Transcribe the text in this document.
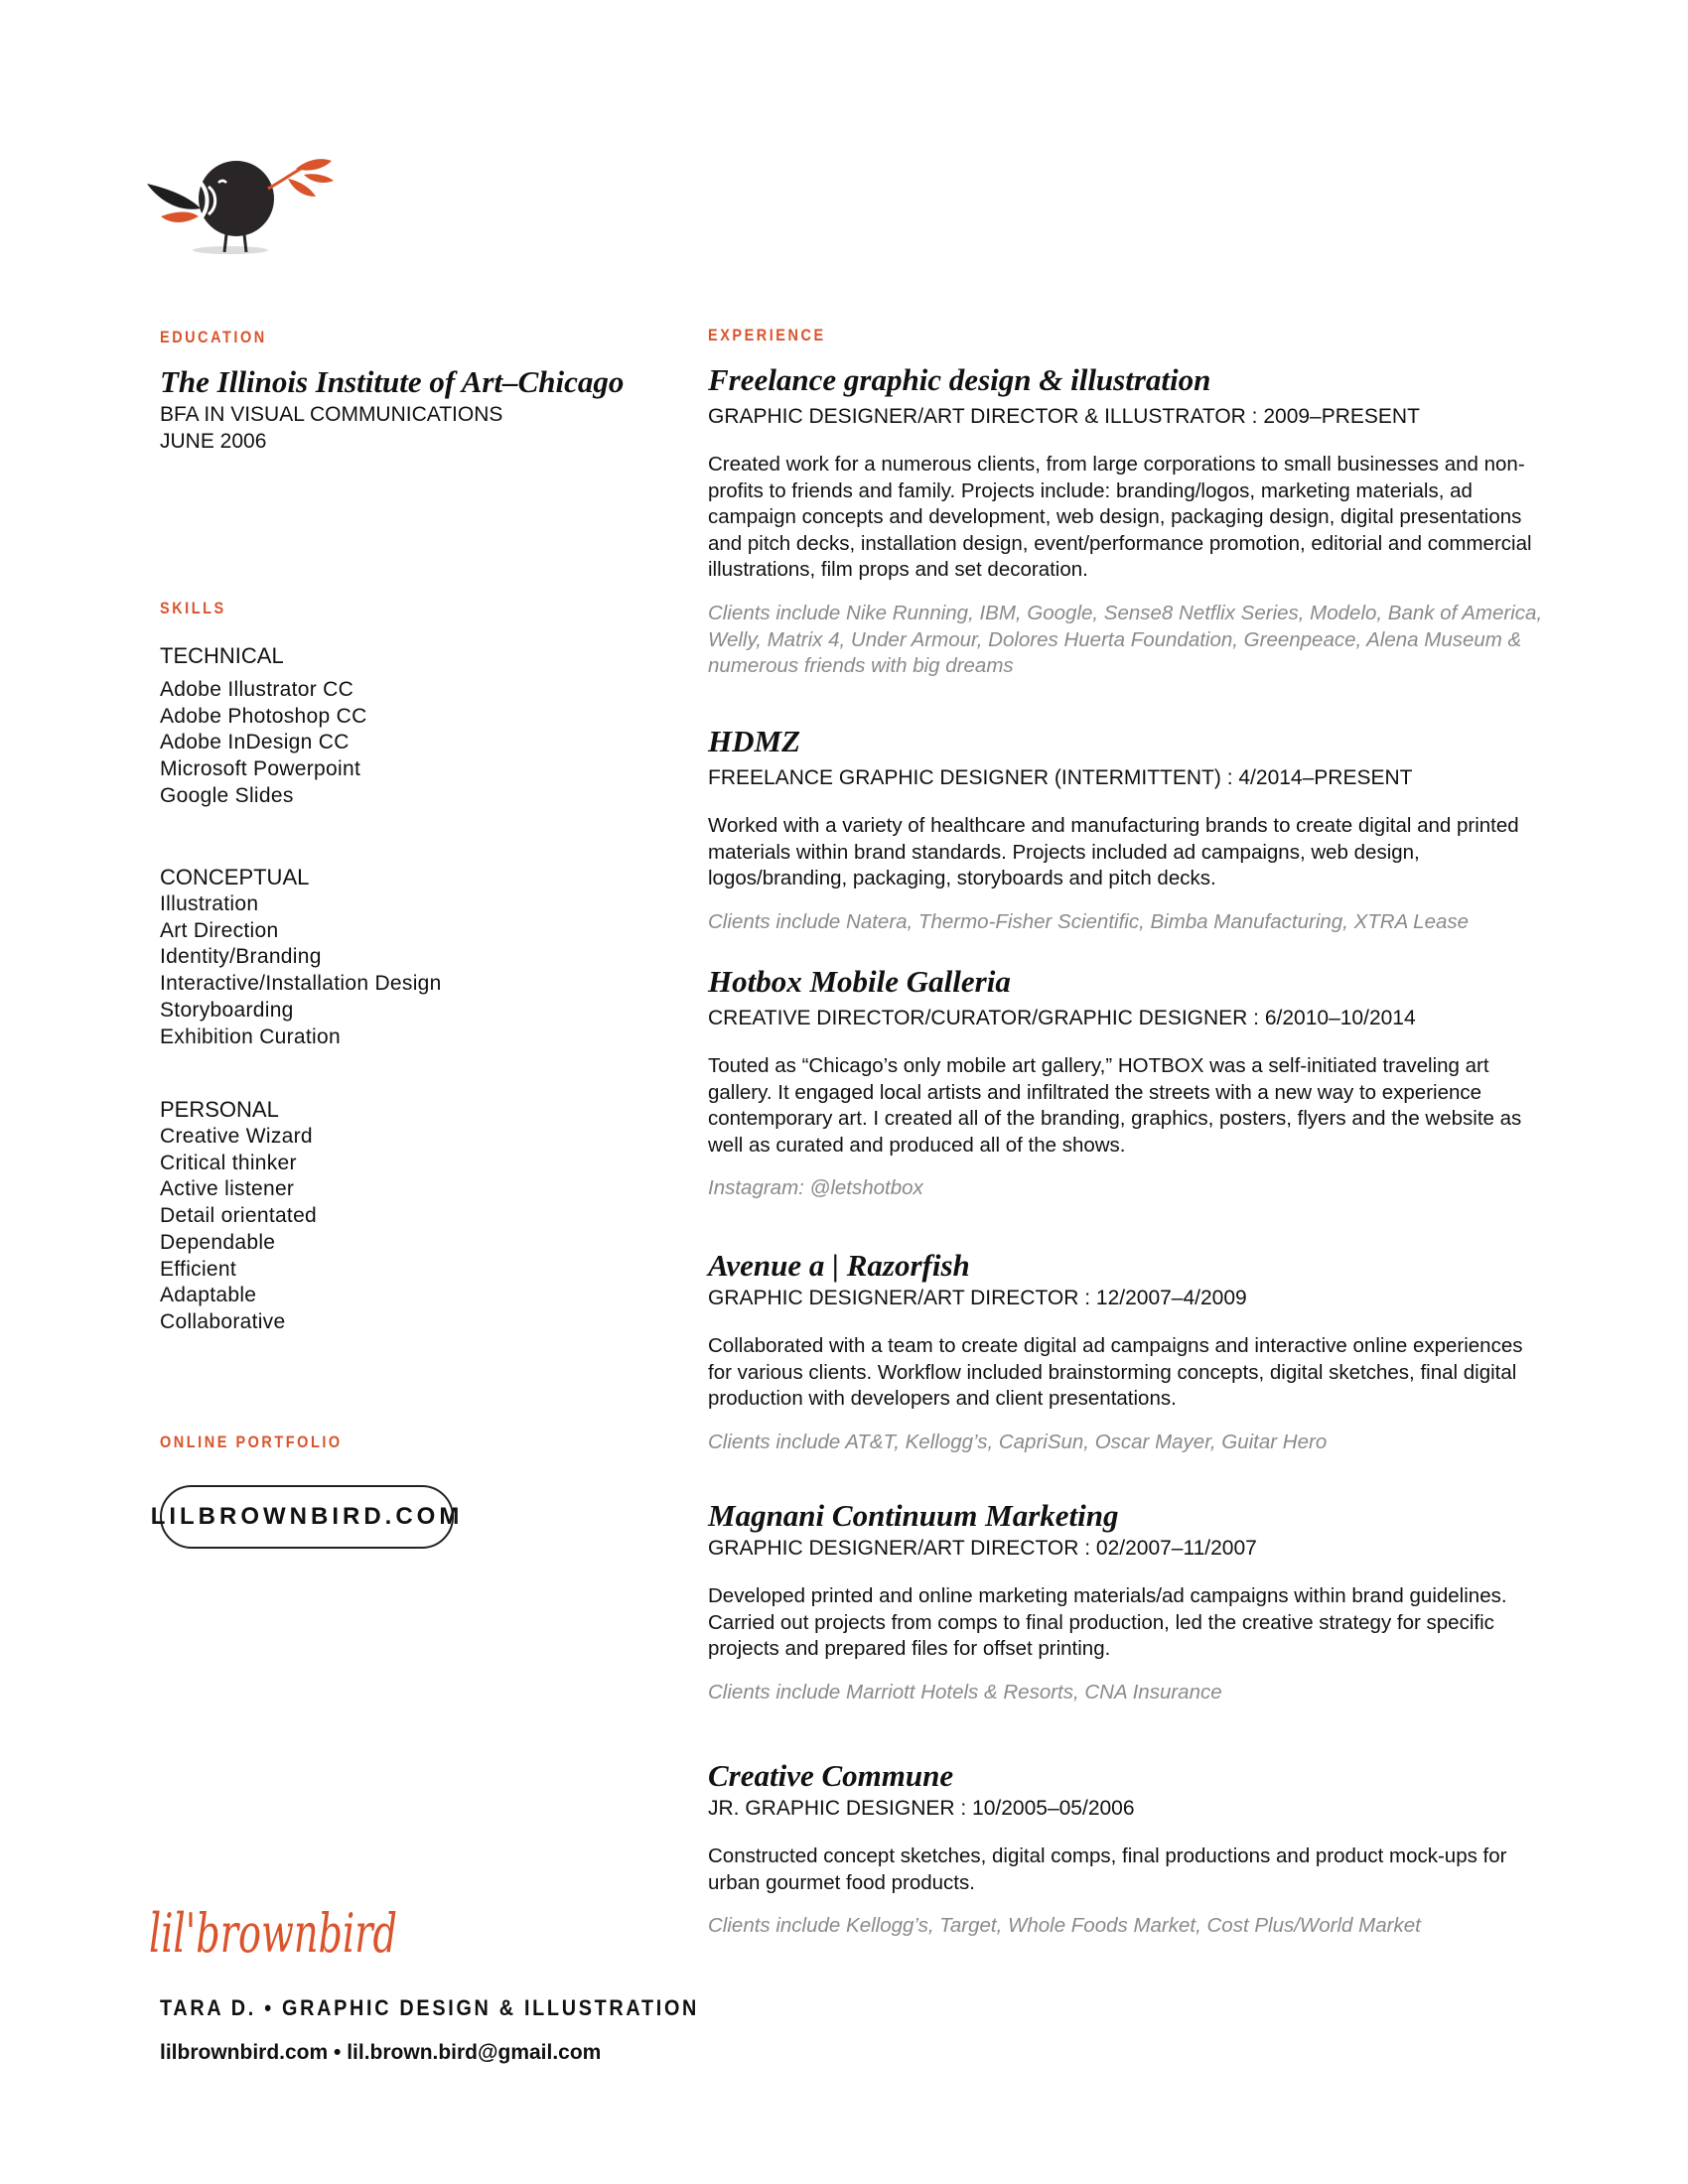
EDUCATION
The Illinois Institute of Art–Chicago
BFA IN VISUAL COMMUNICATIONS
JUNE 2006
SKILLS
TECHNICAL
Adobe Illustrator CC
Adobe Photoshop CC
Adobe InDesign CC
Microsoft Powerpoint
Google Slides
CONCEPTUAL
Illustration
Art Direction
Identity/Branding
Interactive/Installation Design
Storyboarding
Exhibition Curation
PERSONAL
Creative Wizard
Critical thinker
Active listener
Detail orientated
Dependable
Efficient
Adaptable
Collaborative
ONLINE PORTFOLIO
LILBROWNBIRD.COM
lil'brownbird
TARA D. • GRAPHIC DESIGN & ILLUSTRATION
lilbrownbird.com • lil.brown.bird@gmail.com
EXPERIENCE
Freelance graphic design & illustration
GRAPHIC DESIGNER/ART DIRECTOR & ILLUSTRATOR : 2009–PRESENT
Created work for a numerous clients, from large corporations to small businesses and non-profits to friends and family. Projects include: branding/logos, marketing materials, ad campaign concepts and development, web design, packaging design, digital presentations and pitch decks, installation design, event/performance promotion, editorial and commercial illustrations, film props and set decoration.
Clients include Nike Running, IBM, Google, Sense8 Netflix Series, Modelo, Bank of America, Welly, Matrix 4, Under Armour, Dolores Huerta Foundation, Greenpeace, Alena Museum & numerous friends with big dreams
HDMZ
FREELANCE GRAPHIC DESIGNER (INTERMITTENT) : 4/2014–PRESENT
Worked with a variety of healthcare and manufacturing brands to create digital and printed materials within brand standards. Projects included ad campaigns, web design, logos/branding, packaging, storyboards and pitch decks.
Clients include Natera, Thermo-Fisher Scientific, Bimba Manufacturing, XTRA Lease
Hotbox Mobile Galleria
CREATIVE DIRECTOR/CURATOR/GRAPHIC DESIGNER : 6/2010–10/2014
Touted as “Chicago’s only mobile art gallery,” HOTBOX was a self-initiated traveling art gallery. It engaged local artists and infiltrated the streets with a new way to experience contemporary art. I created all of the branding, graphics, posters, flyers and the website as well as curated and produced all of the shows.
Instagram: @letshotbox
Avenue a | Razorfish
GRAPHIC DESIGNER/ART DIRECTOR : 12/2007–4/2009
Collaborated with a team to create digital ad campaigns and interactive online experiences for various clients. Workflow included brainstorming concepts, digital sketches, final digital production with developers and client presentations.
Clients include AT&T, Kellogg’s, CapriSun, Oscar Mayer, Guitar Hero
Magnani Continuum Marketing
GRAPHIC DESIGNER/ART DIRECTOR : 02/2007–11/2007
Developed printed and online marketing materials/ad campaigns within brand guidelines. Carried out projects from comps to final production, led the creative strategy for specific projects and prepared files for offset printing.
Clients include Marriott Hotels & Resorts, CNA Insurance
Creative Commune
JR. GRAPHIC DESIGNER : 10/2005–05/2006
Constructed concept sketches, digital comps, final productions and product mock-ups for urban gourmet food products.
Clients include Kellogg’s, Target, Whole Foods Market, Cost Plus/World Market
